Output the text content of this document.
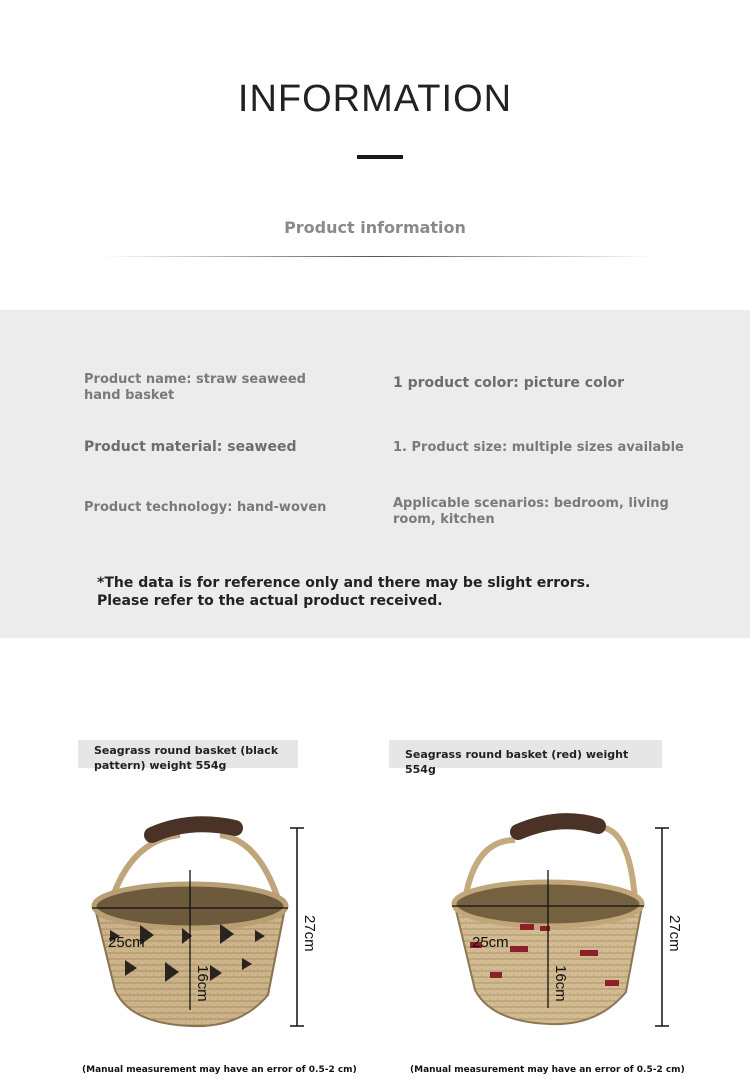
INFORMATION
Product information
Product name: straw seaweed hand basket
1 product color: picture color
Product material: seaweed	1. Product size: multiple sizes available
Product technology: hand-woven	Applicable scenarios: bedroom, living room, kitchen
*The data is for reference only and there may be slight errors. Please refer to the actual product received.
Seagrass round basket (black pattern) weight 554g
25cm
16cm
27cm
(Manual measurement may have an error of 0.5-2 cm)
Seagrass round basket (red) weight 554g
25cm
16cm
27cm
(Manual measurement may have an error of 0.5-2 cm)
